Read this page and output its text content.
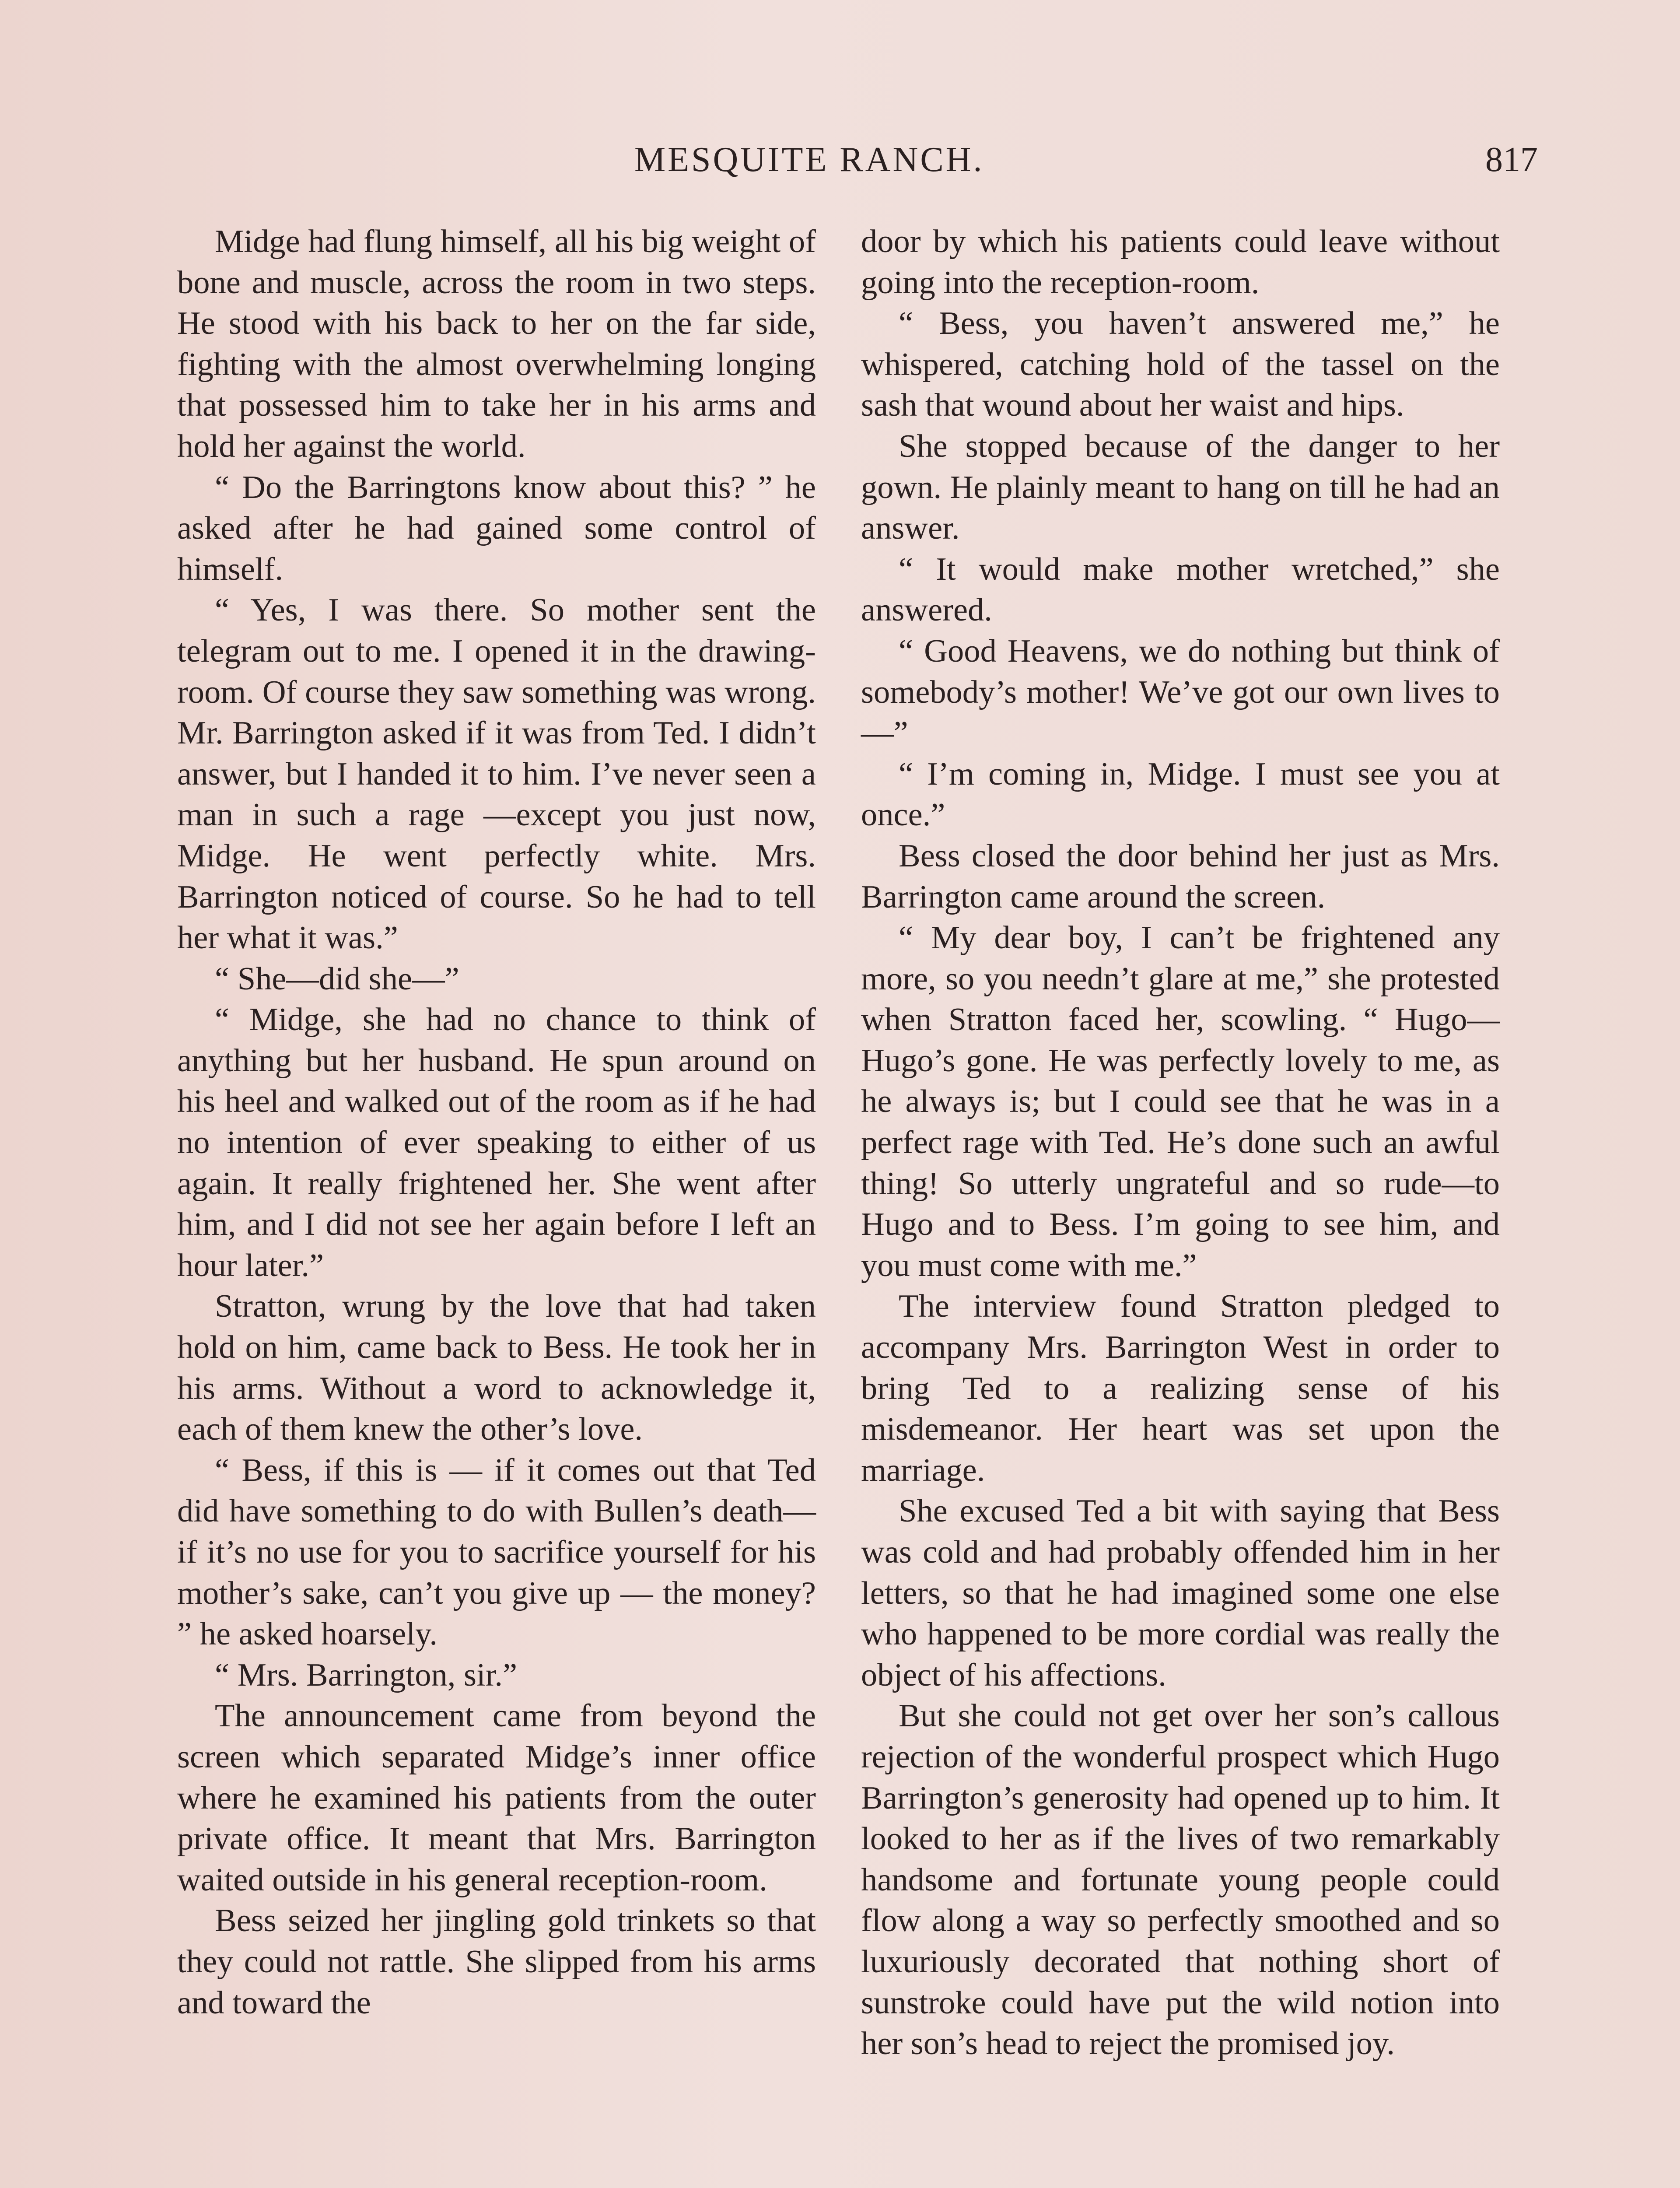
MESQUITE RANCH.	817

Midge had flung himself, all his big weight of bone and muscle, across the room in two steps. He stood with his back to her on the far side, fighting with the almost overwhelming longing that possessed him to take her in his arms and hold her against the world.

“ Do the Barringtons know about this? ” he asked after he had gained some control of himself.

“ Yes, I was there. So mother sent the telegram out to me. I opened it in the drawing-room. Of course they saw something was wrong. Mr. Barrington asked if it was from Ted. I didn’t answer, but I handed it to him. I’ve never seen a man in such a rage —except you just now, Midge. He went perfectly white. Mrs. Barrington noticed of course. So he had to tell her what it was.”

“ She—did she—”

“ Midge, she had no chance to think of anything but her husband. He spun around on his heel and walked out of the room as if he had no intention of ever speaking to either of us again. It really frightened her. She went after him, and I did not see her again before I left an hour later.”

Stratton, wrung by the love that had taken hold on him, came back to Bess. He took her in his arms. Without a word to acknowledge it, each of them knew the other’s love.

“ Bess, if this is — if it comes out that Ted did have something to do with Bullen’s death—if it’s no use for you to sacrifice yourself for his mother’s sake, can’t you give up — the money? ” he asked hoarsely.

“ Mrs. Barrington, sir.”

The announcement came from beyond the screen which separated Midge’s inner office where he examined his patients from the outer private office. It meant that Mrs. Barrington waited outside in his general reception-room.

Bess seized her jingling gold trinkets so that they could not rattle. She slipped from his arms and toward the

door by which his patients could leave without going into the reception-room.

“ Bess, you haven’t answered me,” he whispered, catching hold of the tassel on the sash that wound about her waist and hips.

She stopped because of the danger to her gown. He plainly meant to hang on till he had an answer.

“ It would make mother wretched,” she answered.

“ Good Heavens, we do nothing but think of somebody’s mother! We’ve got our own lives to—”

“ I’m coming in, Midge. I must see you at once.”

Bess closed the door behind her just as Mrs. Barrington came around the screen.

“ My dear boy, I can’t be frightened any more, so you needn’t glare at me,” she protested when Stratton faced her, scowling. “ Hugo—Hugo’s gone. He was perfectly lovely to me, as he always is; but I could see that he was in a perfect rage with Ted. He’s done such an awful thing! So utterly ungrateful and so rude—to Hugo and to Bess. I’m going to see him, and you must come with me.”

The interview found Stratton pledged to accompany Mrs. Barrington West in order to bring Ted to a realizing sense of his misdemeanor. Her heart was set upon the marriage.

She excused Ted a bit with saying that Bess was cold and had probably offended him in her letters, so that he had imagined some one else who happened to be more cordial was really the object of his affections.

But she could not get over her son’s callous rejection of the wonderful prospect which Hugo Barrington’s generosity had opened up to him. It looked to her as if the lives of two remarkably handsome and fortunate young people could flow along a way so perfectly smoothed and so luxuriously decorated that nothing short of sunstroke could have put the wild notion into her son’s head to reject the promised joy.
